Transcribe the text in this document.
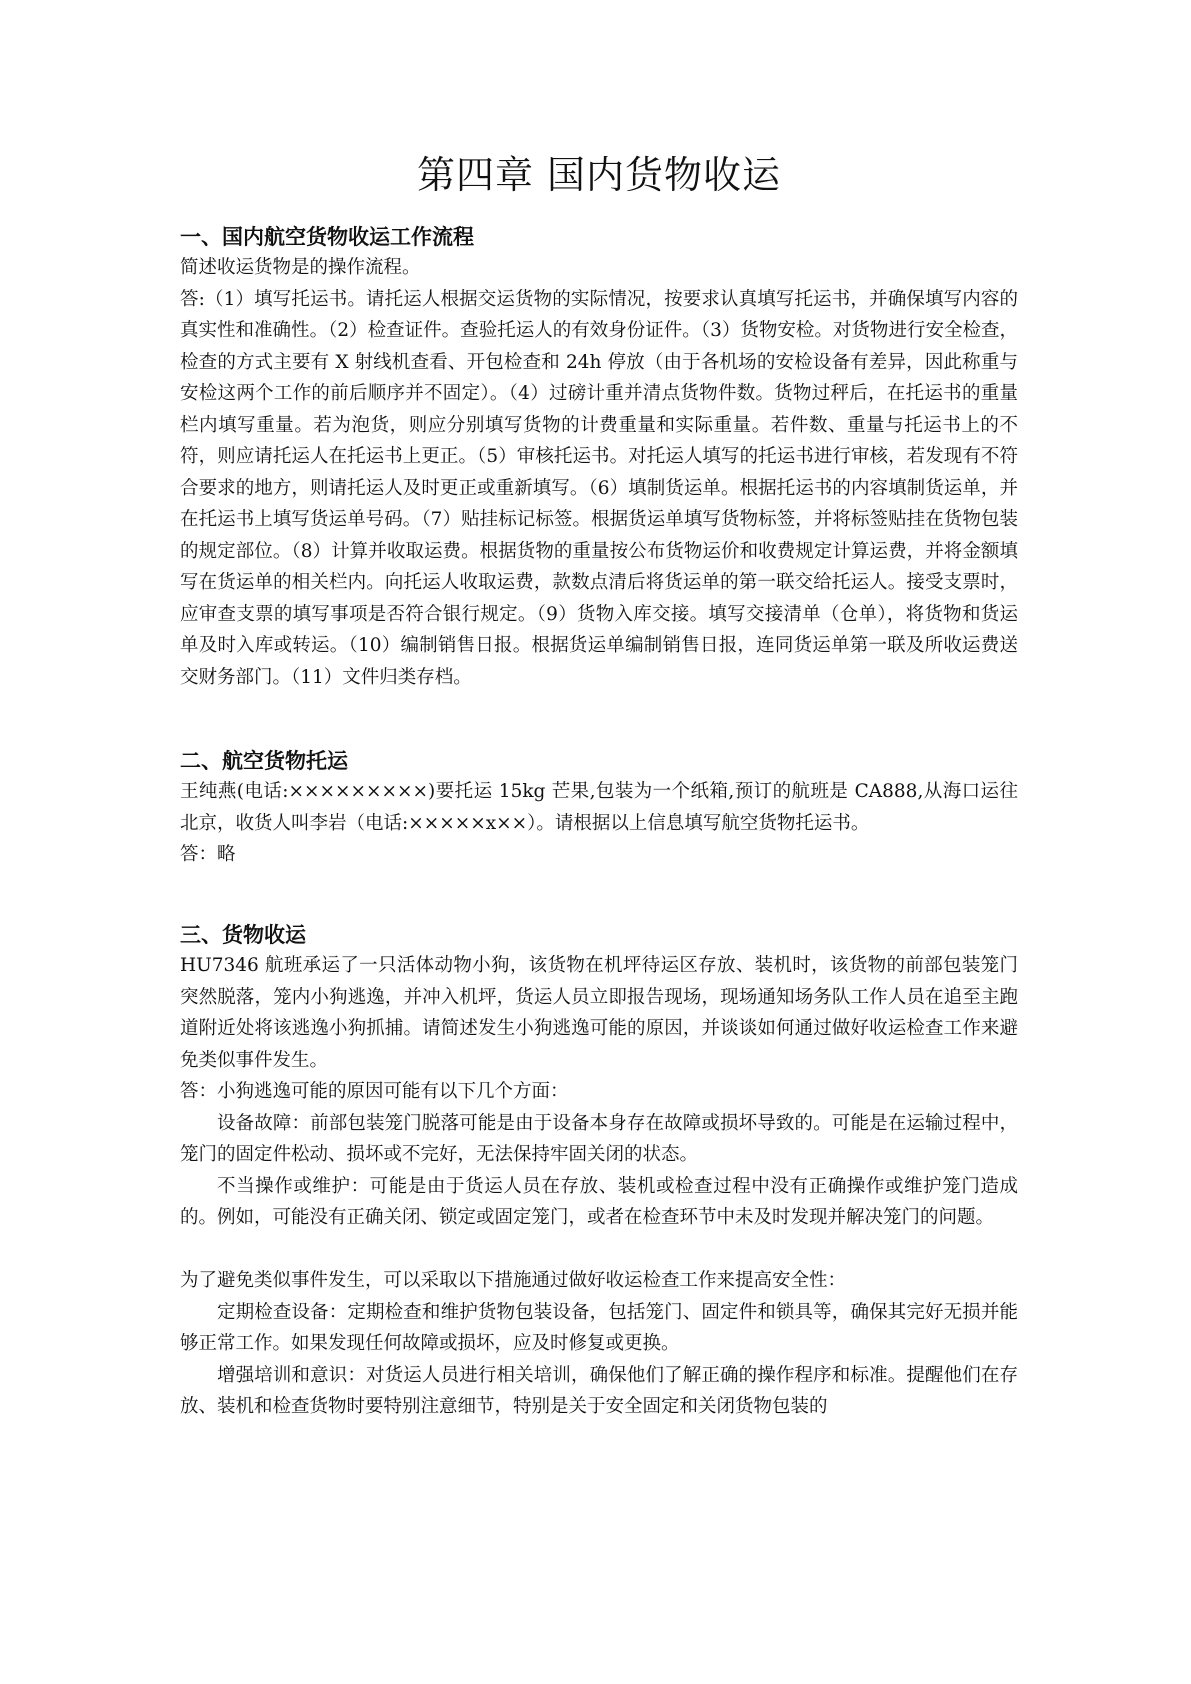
第四章 国内货物收运
一、国内航空货物收运工作流程

简述收运货物是的操作流程。

答:（1）填写托运书。请托运人根据交运货物的实际情况，按要求认真填写托运书，并确保填写内容的真实性和准确性。（2）检查证件。查验托运人的有效身份证件。（3）货物安检。对货物进行安全检查，检查的方式主要有 X 射线机查看、开包检查和 24h 停放（由于各机场的安检设备有差异，因此称重与安检这两个工作的前后顺序并不固定）。（4）过磅计重并清点货物件数。货物过秤后，在托运书的重量栏内填写重量。若为泡货，则应分别填写货物的计费重量和实际重量。若件数、重量与托运书上的不符，则应请托运人在托运书上更正。（5）审核托运书。对托运人填写的托运书进行审核，若发现有不符合要求的地方，则请托运人及时更正或重新填写。（6）填制货运单。根据托运书的内容填制货运单，并在托运书上填写货运单号码。（7）贴挂标记标签。根据货运单填写货物标签，并将标签贴挂在货物包装的规定部位。（8）计算并收取运费。根据货物的重量按公布货物运价和收费规定计算运费，并将金额填写在货运单的相关栏内。向托运人收取运费，款数点清后将货运单的第一联交给托运人。接受支票时，应审查支票的填写事项是否符合银行规定。（9）货物入库交接。填写交接清单（仓单），将货物和货运单及时入库或转运。（10）编制销售日报。根据货运单编制销售日报，连同货运单第一联及所收运费送交财务部门。（11）文件归类存档。

二、航空货物托运

王纯燕(电话:×××××××××)要托运 15kg 芒果,包装为一个纸箱,预订的航班是 CA888,从海口运往北京，收货人叫李岩（电话:×××××x××）。请根据以上信息填写航空货物托运书。

答：略

三、货物收运

HU7346 航班承运了一只活体动物小狗，该货物在机坪待运区存放、装机时，该货物的前部包装笼门突然脱落，笼内小狗逃逸，并冲入机坪，货运人员立即报告现场，现场通知场务队工作人员在追至主跑道附近处将该逃逸小狗抓捕。请简述发生小狗逃逸可能的原因，并谈谈如何通过做好收运检查工作来避免类似事件发生。

答：小狗逃逸可能的原因可能有以下几个方面：

设备故障：前部包装笼门脱落可能是由于设备本身存在故障或损坏导致的。可能是在运输过程中，笼门的固定件松动、损坏或不完好，无法保持牢固关闭的状态。

不当操作或维护：可能是由于货运人员在存放、装机或检查过程中没有正确操作或维护笼门造成的。例如，可能没有正确关闭、锁定或固定笼门，或者在检查环节中未及时发现并解决笼门的问题。

为了避免类似事件发生，可以采取以下措施通过做好收运检查工作来提高安全性：

定期检查设备：定期检查和维护货物包装设备，包括笼门、固定件和锁具等，确保其完好无损并能够正常工作。如果发现任何故障或损坏，应及时修复或更换。

增强培训和意识：对货运人员进行相关培训，确保他们了解正确的操作程序和标准。提醒他们在存放、装机和检查货物时要特别注意细节，特别是关于安全固定和关闭货物包装的
